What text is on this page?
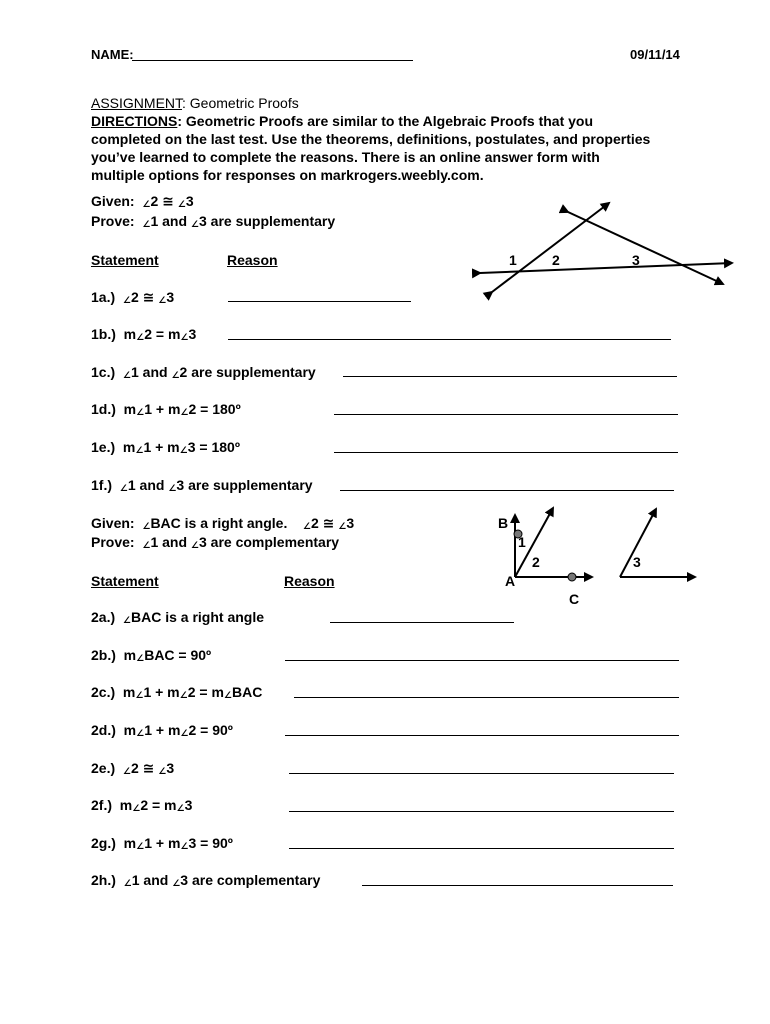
NAME:	09/11/14
ASSIGNMENT: Geometric Proofs
DIRECTIONS: Geometric Proofs are similar to the Algebraic Proofs that you completed on the last test. Use the theorems, definitions, postulates, and properties you’ve learned to complete the reasons. There is an online answer form with multiple options for responses on markrogers.weebly.com.
Given: ∠2 ≅ ∠3
Prove: ∠1 and ∠3 are supplementary
Statement	Reason	1	2	3
1a.) ∠2 ≅ ∠3
1b.) m∠2 = m∠3
1c.) ∠1 and ∠2 are supplementary
1d.) m∠1 + m∠2 = 180º
1e.) m∠1 + m∠3 = 180º
1f.) ∠1 and ∠3 are supplementary
Given: ∠BAC is a right angle. ∠2 ≅ ∠3
Prove: ∠1 and ∠3 are complementary
Statement	Reason
B
1
2
A
C
3
2a.) ∠BAC is a right angle
2b.) m∠BAC = 90º
2c.) m∠1 + m∠2 = m∠BAC
2d.) m∠1 + m∠2 = 90º
2e.) ∠2 ≅ ∠3
2f.) m∠2 = m∠3
2g.) m∠1 + m∠3 = 90º
2h.) ∠1 and ∠3 are complementary
